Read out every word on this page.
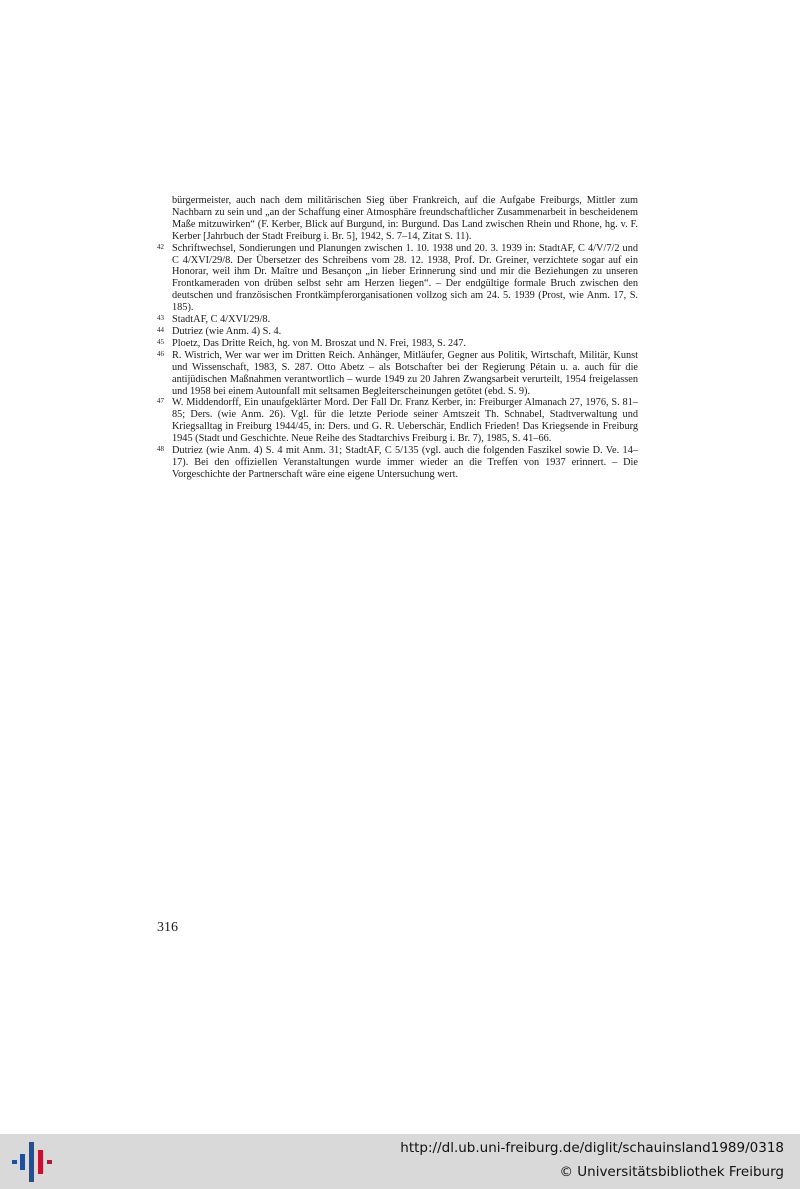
bürgermeister, auch nach dem militärischen Sieg über Frankreich, auf die Aufgabe Freiburgs, Mittler zum Nachbarn zu sein und „an der Schaffung einer Atmosphäre freundschaftlicher Zusammenarbeit in bescheidenem Maße mitzuwirken“ (F. Kerber, Blick auf Burgund, in: Burgund. Das Land zwischen Rhein und Rhone, hg. v. F. Kerber [Jahrbuch der Stadt Freiburg i. Br. 5], 1942, S. 7–14, Zitat S. 11).
42 Schriftwechsel, Sondierungen und Planungen zwischen 1. 10. 1938 und 20. 3. 1939 in: StadtAF, C 4/V/7/2 und C 4/XVI/29/8. Der Übersetzer des Schreibens vom 28. 12. 1938, Prof. Dr. Greiner, verzichtete sogar auf ein Honorar, weil ihm Dr. Maître und Besançon „in lieber Erinnerung sind und mir die Beziehungen zu unseren Frontkameraden von drüben selbst sehr am Herzen liegen“. – Der endgültige formale Bruch zwischen den deutschen und französischen Frontkämpferorganisationen vollzog sich am 24. 5. 1939 (Prost, wie Anm. 17, S. 185).
43 StadtAF, C 4/XVI/29/8.
44 Dutriez (wie Anm. 4) S. 4.
45 Ploetz, Das Dritte Reich, hg. von M. Broszat und N. Frei, 1983, S. 247.
46 R. Wistrich, Wer war wer im Dritten Reich. Anhänger, Mitläufer, Gegner aus Politik, Wirtschaft, Militär, Kunst und Wissenschaft, 1983, S. 287. Otto Abetz – als Botschafter bei der Regierung Pétain u. a. auch für die antijüdischen Maßnahmen verantwortlich – wurde 1949 zu 20 Jahren Zwangsarbeit verurteilt, 1954 freigelassen und 1958 bei einem Autounfall mit seltsamen Begleiterscheinungen getötet (ebd. S. 9).
47 W. Middendorff, Ein unaufgeklärter Mord. Der Fall Dr. Franz Kerber, in: Freiburger Almanach 27, 1976, S. 81–85; Ders. (wie Anm. 26). Vgl. für die letzte Periode seiner Amtszeit Th. Schnabel, Stadtverwaltung und Kriegsalltag in Freiburg 1944/45, in: Ders. und G. R. Ueberschär, Endlich Frieden! Das Kriegsende in Freiburg 1945 (Stadt und Geschichte. Neue Reihe des Stadtarchivs Freiburg i. Br. 7), 1985, S. 41–66.
48 Dutriez (wie Anm. 4) S. 4 mit Anm. 31; StadtAF, C 5/135 (vgl. auch die folgenden Faszikel sowie D. Ve. 14–17). Bei den offiziellen Veranstaltungen wurde immer wieder an die Treffen von 1937 erinnert. – Die Vorgeschichte der Partnerschaft wäre eine eigene Untersuchung wert.
316
http://dl.ub.uni-freiburg.de/diglit/schauinsland1989/0318
© Universitätsbibliothek Freiburg
